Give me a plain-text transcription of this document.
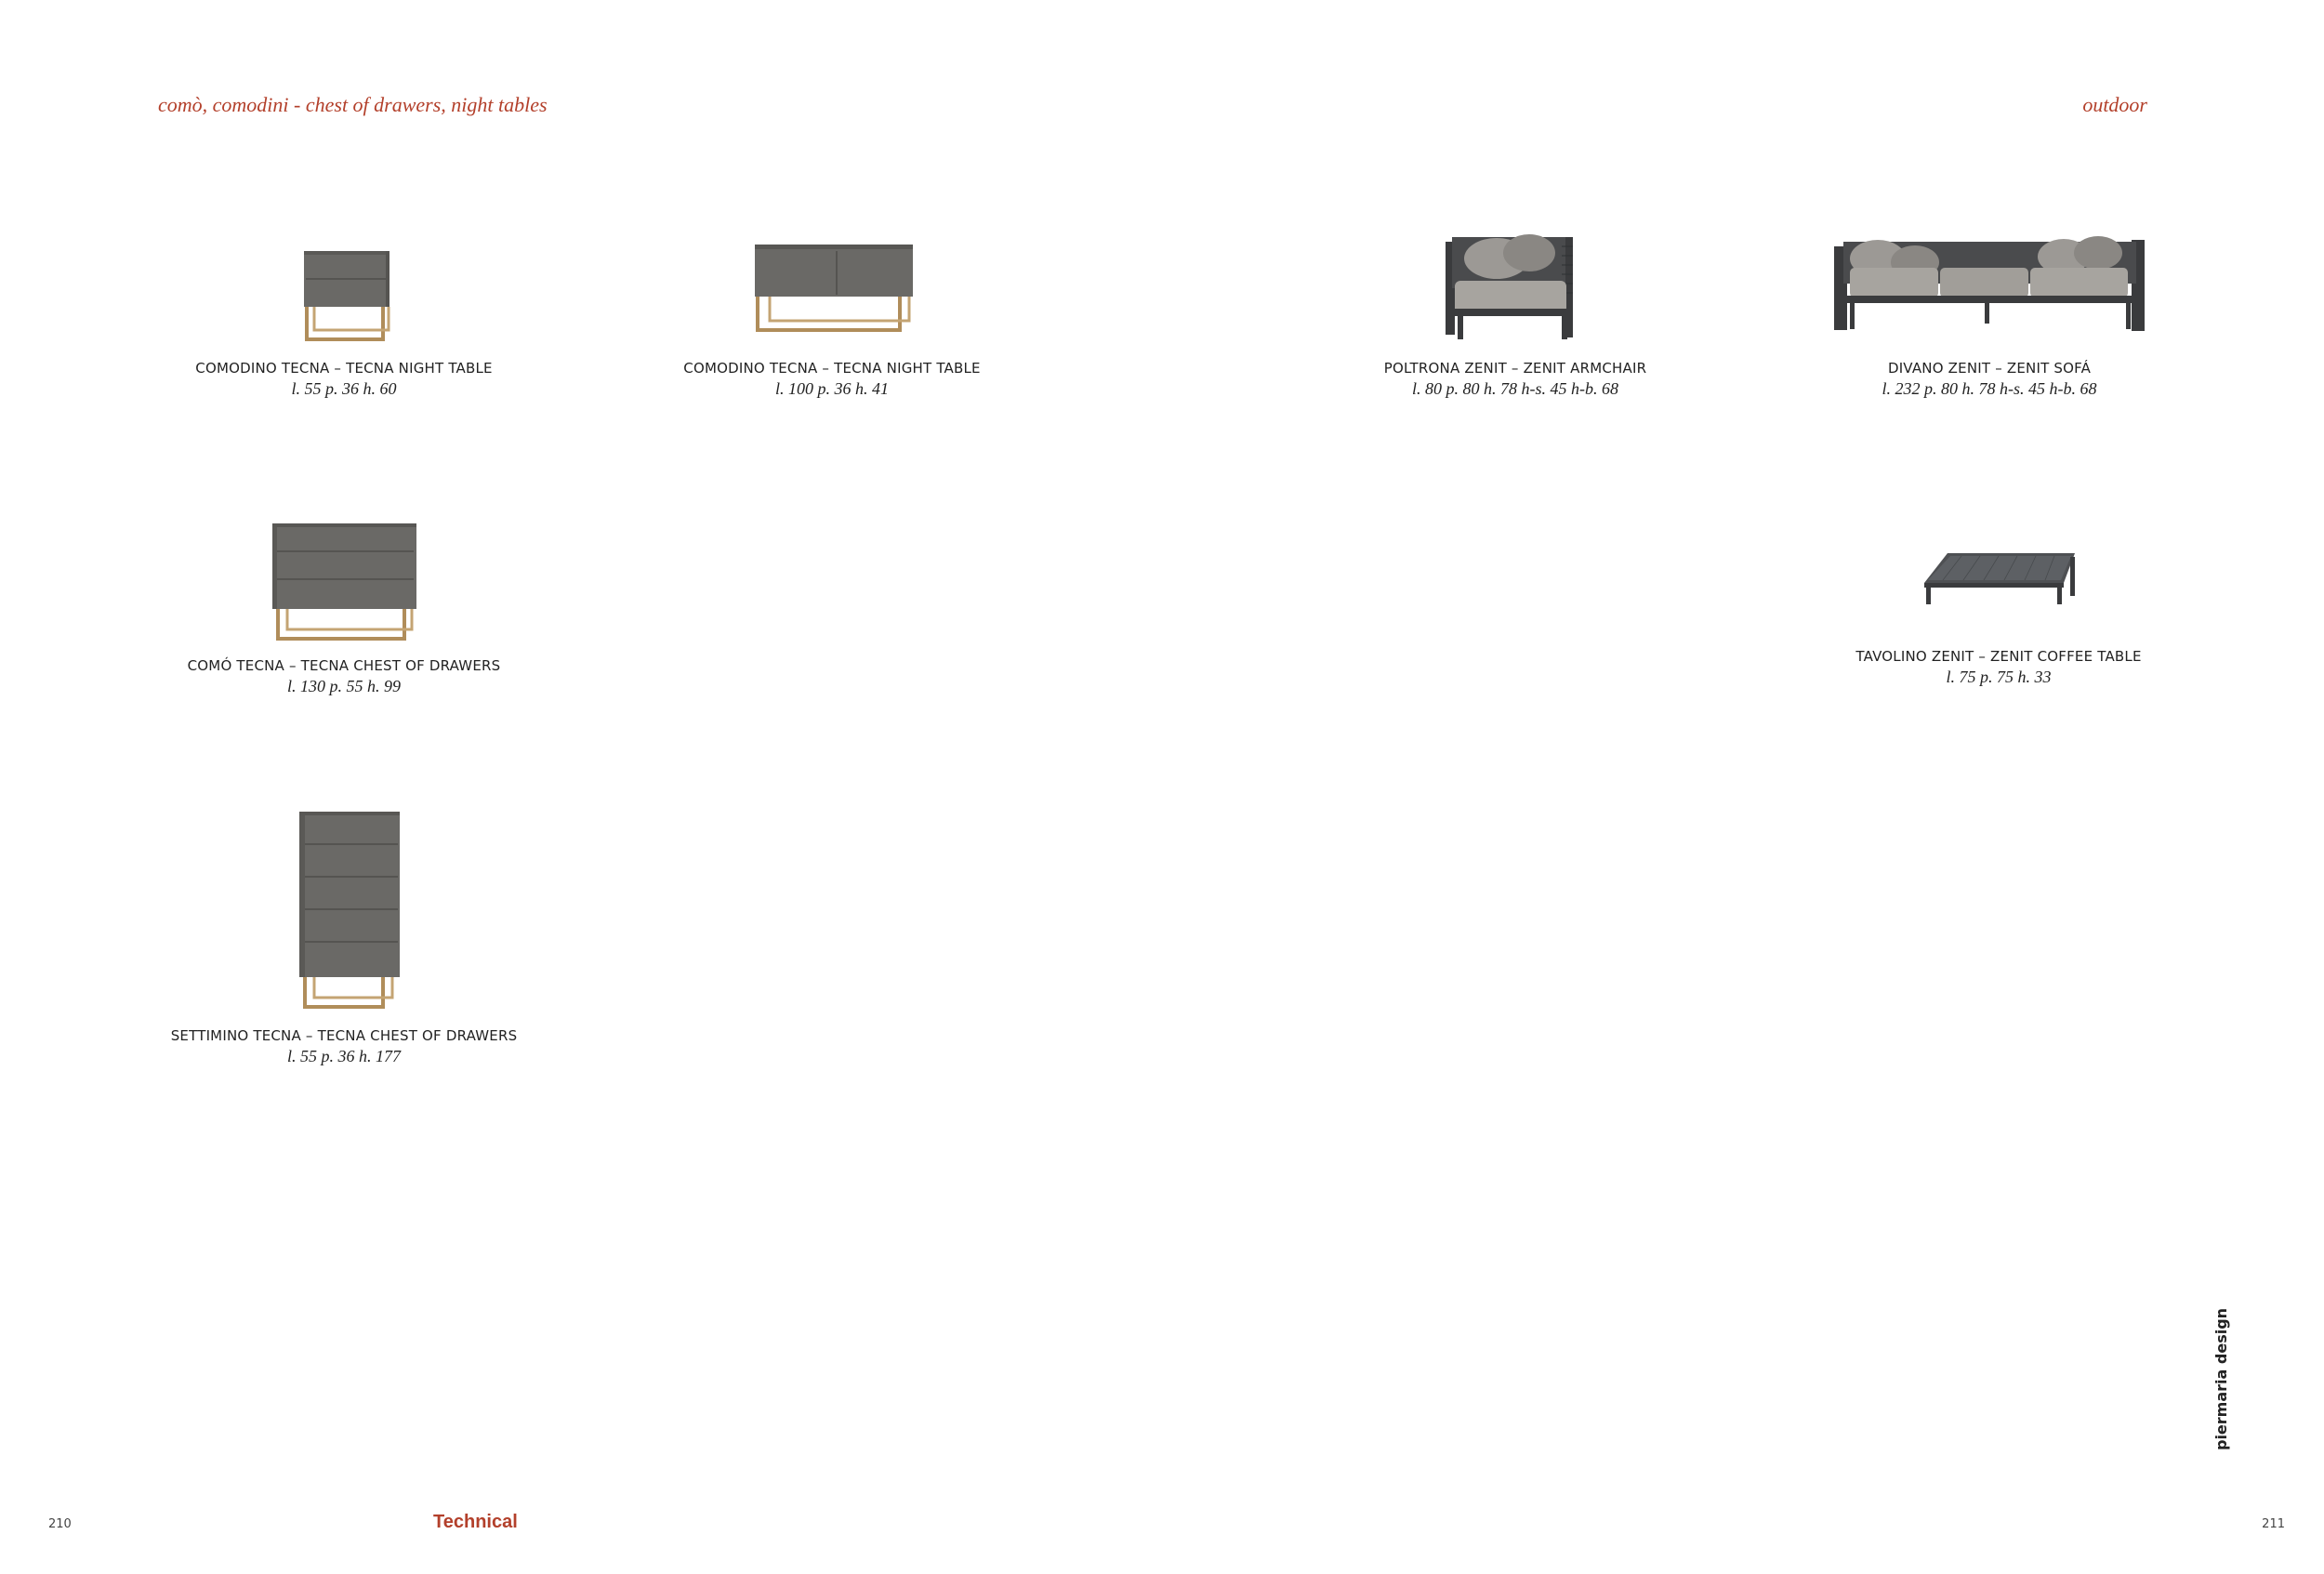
comò, comodini - chest of drawers, night tables	outdoor
COMODINO TECNA – TECNA NIGHT TABLE
l. 55 p. 36 h. 60
COMODINO TECNA – TECNA NIGHT TABLE
l. 100 p. 36 h. 41
POLTRONA ZENIT – ZENIT ARMCHAIR
l. 80 p. 80 h. 78 h-s. 45 h-b. 68
DIVANO ZENIT – ZENIT SOFÁ
l. 232 p. 80 h. 78 h-s. 45 h-b. 68
COMÓ TECNA – TECNA CHEST OF DRAWERS
l. 130 p. 55 h. 99
TAVOLINO ZENIT – ZENIT COFFEE TABLE
l. 75 p. 75 h. 33
SETTIMINO TECNA – TECNA CHEST OF DRAWERS
l. 55 p. 36 h. 177
210	Technical	211
piermaria design
